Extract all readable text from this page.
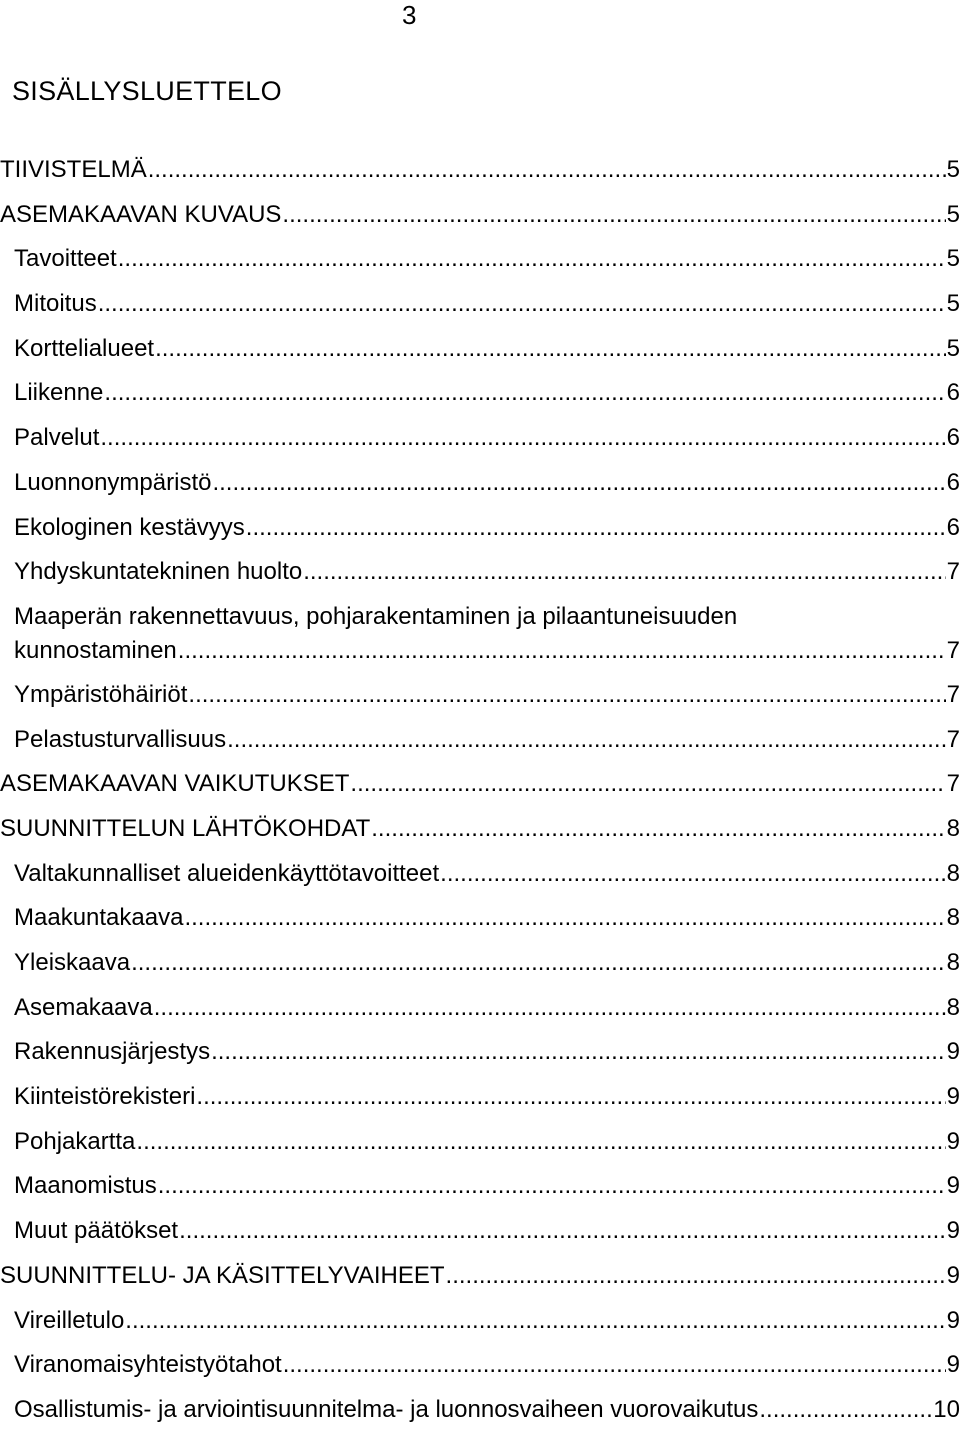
3
SISÄLLYSLUETTELO
TIIVISTELMÄ .....	5
ASEMAKAAVAN KUVAUS .....	5
Tavoitteet .....	5
Mitoitus .....	5
Korttelialueet .....	5
Liikenne .....	6
Palvelut .....	6
Luonnonympäristö .....	6
Ekologinen kestävyys .....	6
Yhdyskuntatekninen huolto .....	7
Maaperän rakennettavuus, pohjarakentaminen ja pilaantuneisuuden
kunnostaminen .....	7
Ympäristöhäiriöt .....	7
Pelastusturvallisuus .....	7
ASEMAKAAVAN VAIKUTUKSET .....	7
SUUNNITTELUN LÄHTÖKOHDAT .....	8
Valtakunnalliset alueidenkäyttötavoitteet .....	8
Maakuntakaava .....	8
Yleiskaava .....	8
Asemakaava .....	8
Rakennusjärjestys .....	9
Kiinteistörekisteri .....	9
Pohjakartta .....	9
Maanomistus .....	9
Muut päätökset .....	9
SUUNNITTELU- JA KÄSITTELYVAIHEET .....	9
Vireilletulo .....	9
Viranomaisyhteistyötahot .....	9
Osallistumis- ja arviointisuunnitelma- ja luonnosvaiheen vuorovaikutus .....	10
